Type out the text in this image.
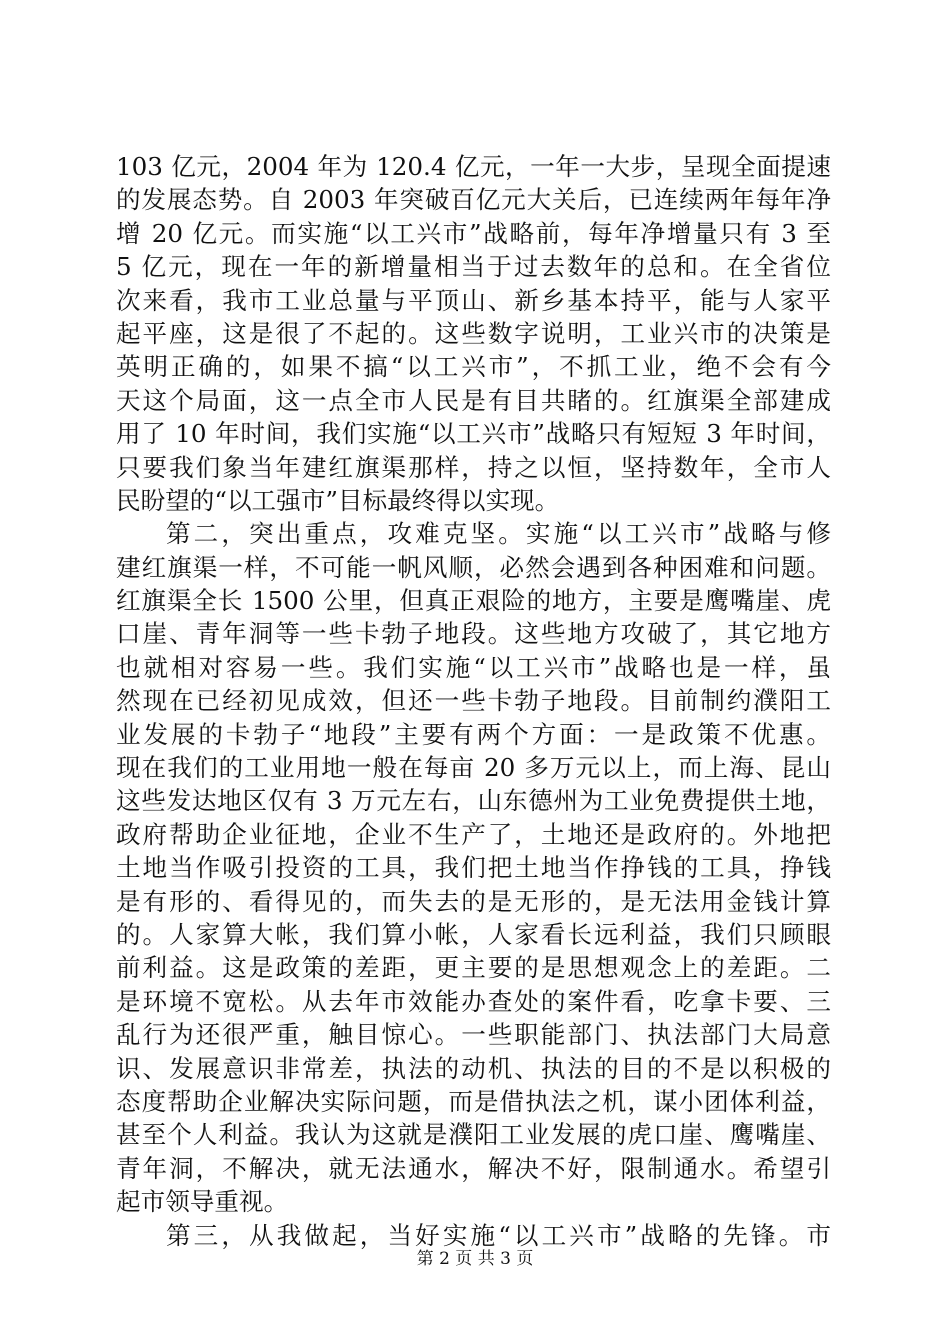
103 亿元，2004 年为 120.4 亿元，一年一大步，呈现全面提速
的发展态势。自 2003 年突破百亿元大关后，已连续两年每年净
增 20 亿元。而实施“以工兴市”战略前，每年净增量只有 3 至
5 亿元，现在一年的新增量相当于过去数年的总和。在全省位
次来看，我市工业总量与平顶山、新乡基本持平，能与人家平
起平座，这是很了不起的。这些数字说明，工业兴市的决策是
英明正确的，如果不搞“以工兴市”，不抓工业，绝不会有今
天这个局面，这一点全市人民是有目共睹的。红旗渠全部建成
用了 10 年时间，我们实施“以工兴市”战略只有短短 3 年时间，
只要我们象当年建红旗渠那样，持之以恒，坚持数年，全市人
民盼望的“以工强市”目标最终得以实现。
第二，突出重点，攻难克坚。实施“以工兴市”战略与修
建红旗渠一样，不可能一帆风顺，必然会遇到各种困难和问题。
红旗渠全长 1500 公里，但真正艰险的地方，主要是鹰嘴崖、虎
口崖、青年洞等一些卡勃子地段。这些地方攻破了，其它地方
也就相对容易一些。我们实施“以工兴市”战略也是一样，虽
然现在已经初见成效，但还一些卡勃子地段。目前制约濮阳工
业发展的卡勃子“地段”主要有两个方面：一是政策不优惠。
现在我们的工业用地一般在每亩 20 多万元以上，而上海、昆山
这些发达地区仅有 3 万元左右，山东德州为工业免费提供土地，
政府帮助企业征地，企业不生产了，土地还是政府的。外地把
土地当作吸引投资的工具，我们把土地当作挣钱的工具，挣钱
是有形的、看得见的，而失去的是无形的，是无法用金钱计算
的。人家算大帐，我们算小帐，人家看长远利益，我们只顾眼
前利益。这是政策的差距，更主要的是思想观念上的差距。二
是环境不宽松。从去年市效能办查处的案件看，吃拿卡要、三
乱行为还很严重，触目惊心。一些职能部门、执法部门大局意
识、发展意识非常差，执法的动机、执法的目的不是以积极的
态度帮助企业解决实际问题，而是借执法之机，谋小团体利益，
甚至个人利益。我认为这就是濮阳工业发展的虎口崖、鹰嘴崖、
青年洞，不解决，就无法通水，解决不好，限制通水。希望引
起市领导重视。
第三，从我做起，当好实施“以工兴市”战略的先锋。市
第 2 页 共 3 页
